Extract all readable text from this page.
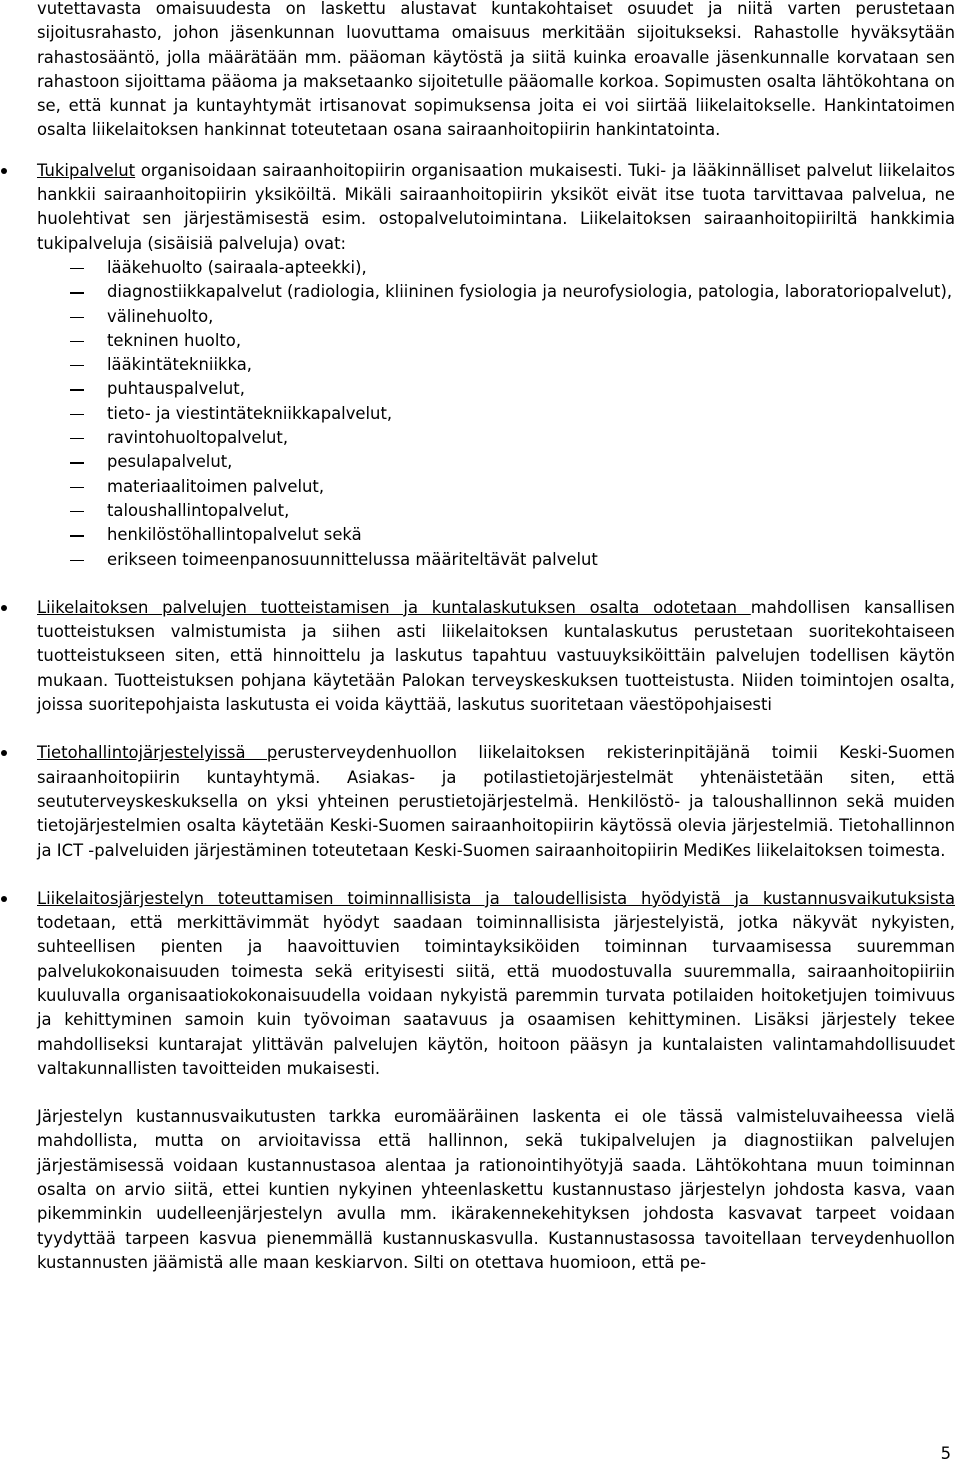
vutettavasta omaisuudesta on laskettu alustavat kuntakohtaiset osuudet ja niitä varten perustetaan sijoitusrahasto, johon jäsenkunnan luovuttama omaisuus merkitään sijoitukseksi. Rahastolle hyväksytään rahastosääntö, jolla määrätään mm. pääoman käytöstä ja siitä kuinka eroavalle jäsenkunnalle korvataan sen rahastoon sijoittama pääoma ja maksetaanko sijoitetulle pääomalle korkoa. Sopimusten osalta lähtökohtana on se, että kunnat ja kuntayhtymät irtisanovat sopimuksensa joita ei voi siirtää liikelaitokselle. Hankintatoimen osalta liikelaitoksen hankinnat toteutetaan osana sairaanhoitopiirin hankintatointa.

Tukipalvelut organisoidaan sairaanhoitopiirin organisaation mukaisesti. Tuki- ja lääkinnälliset palvelut liikelaitos hankkii sairaanhoitopiirin yksiköiltä. Mikäli sairaanhoitopiirin yksiköt eivät itse tuota tarvittavaa palvelua, ne huolehtivat sen järjestämisestä esim. ostopalvelutoimintana. Liikelaitoksen sairaanhoitopiiriltä hankkimia tukipalveluja (sisäisiä palveluja) ovat:

lääkehuolto (sairaala-apteekki),
diagnostiikkapalvelut (radiologia, kliininen fysiologia ja neurofysiologia, patologia, laboratoriopalvelut),
välinehuolto,
tekninen huolto,
lääkintätekniikka,
puhtauspalvelut,
tieto- ja viestintätekniikkapalvelut,
ravintohuoltopalvelut,
pesulapalvelut,
materiaalitoimen palvelut,
taloushallintopalvelut,
henkilöstöhallintopalvelut sekä
erikseen toimeenpanosuunnittelussa määriteltävät palvelut

Liikelaitoksen palvelujen tuotteistamisen ja kuntalaskutuksen osalta odotetaan mahdollisen kansallisen tuotteistuksen valmistumista ja siihen asti liikelaitoksen kuntalaskutus perustetaan suoritekohtaiseen tuotteistukseen siten, että hinnoittelu ja laskutus tapahtuu vastuuyksiköittäin palvelujen todellisen käytön mukaan. Tuotteistuksen pohjana käytetään Palokan terveyskeskuksen tuotteistusta. Niiden toimintojen osalta, joissa suoritepohjaista laskutusta ei voida käyttää, laskutus suoritetaan väestöpohjaisesti

Tietohallintojärjestelyissä perusterveydenhuollon liikelaitoksen rekisterinpitäjänä toimii Keski-Suomen sairaanhoitopiirin kuntayhtymä. Asiakas- ja potilastietojärjestelmät yhtenäistetään siten, että seututerveyskeskuksella on yksi yhteinen perustietojärjestelmä. Henkilöstö- ja taloushallinnon sekä muiden tietojärjestelmien osalta käytetään Keski-Suomen sairaanhoitopiirin käytössä olevia järjestelmiä. Tietohallinnon ja ICT -palveluiden järjestäminen toteutetaan Keski-Suomen sairaanhoitopiirin MediKes liikelaitoksen toimesta.

Liikelaitosjärjestelyn toteuttamisen toiminnallisista ja taloudellisista hyödyistä ja kustannusvaikutuksista todetaan, että merkittävimmät hyödyt saadaan toiminnallisista järjestelyistä, jotka näkyvät nykyisten, suhteellisen pienten ja haavoittuvien toimintayksiköiden toiminnan turvaamisessa suuremman palvelukokonaisuuden toimesta sekä erityisesti siitä, että muodostuvalla suuremmalla, sairaanhoitopiiriin kuuluvalla organisaatiokokonaisuudella voidaan nykyistä paremmin turvata potilaiden hoitoketjujen toimivuus ja kehittyminen samoin kuin työvoiman saatavuus ja osaamisen kehittyminen. Lisäksi järjestely tekee mahdolliseksi kuntarajat ylittävän palvelujen käytön, hoitoon pääsyn ja kuntalaisten valintamahdollisuudet valtakunnallisten tavoitteiden mukaisesti.

Järjestelyn kustannusvaikutusten tarkka euromääräinen laskenta ei ole tässä valmisteluvaiheessa vielä mahdollista, mutta on arvioitavissa että hallinnon, sekä tukipalvelujen ja diagnostiikan palvelujen järjestämisessä voidaan kustannustasoa alentaa ja rationointihyötyjä saada. Lähtökohtana muun toiminnan osalta on arvio siitä, ettei kuntien nykyinen yhteenlaskettu kustannustaso järjestelyn johdosta kasva, vaan pikemminkin uudelleenjärjestelyn avulla mm. ikärakennekehityksen johdosta kasvavat tarpeet voidaan tyydyttää tarpeen kasvua pienemmällä kustannuskasvulla. Kustannustasossa tavoitellaan terveydenhuollon kustannusten jäämistä alle maan keskiarvon. Silti on otettava huomioon, että pe-

5
